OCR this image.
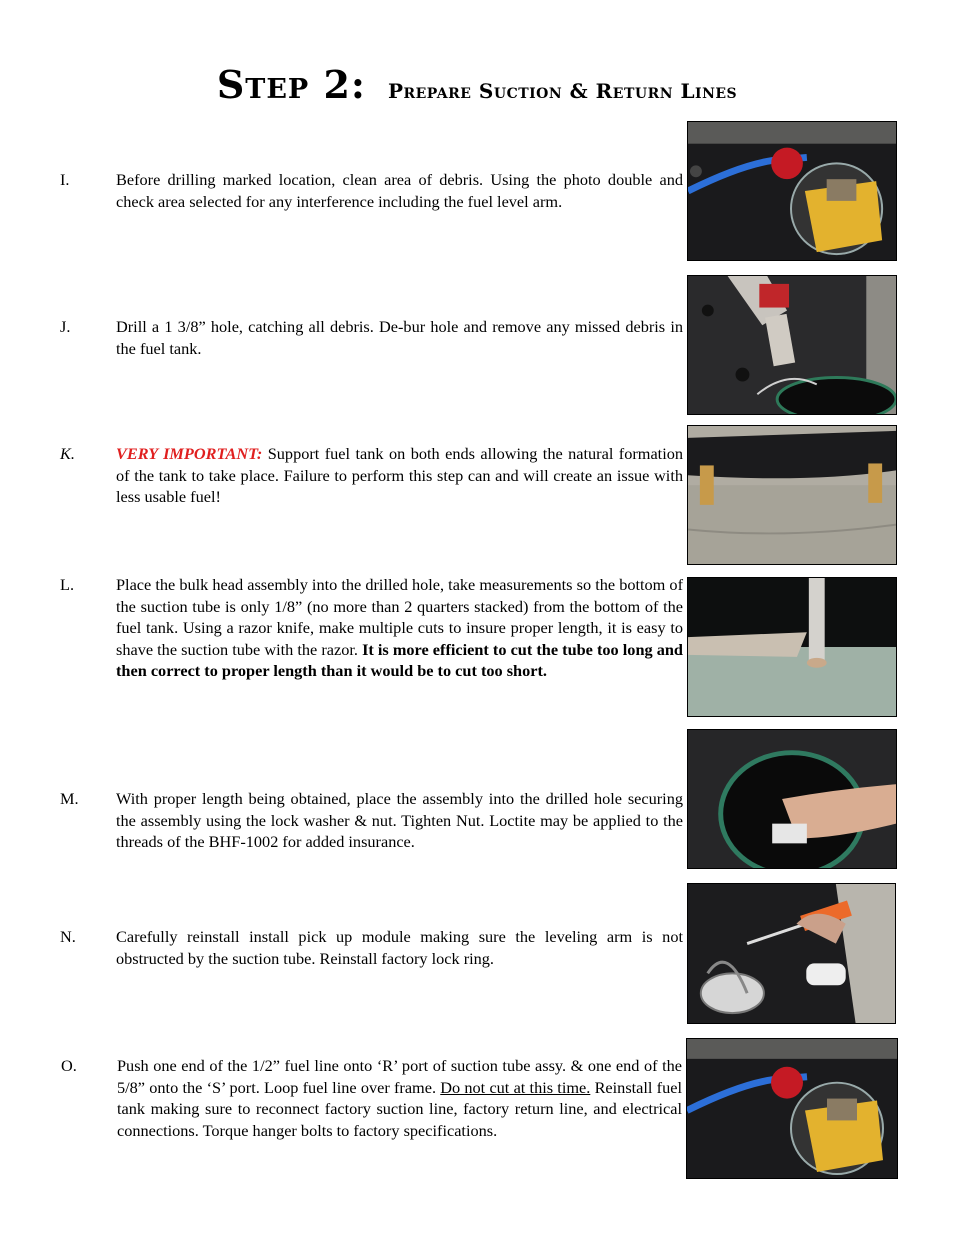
Step 2: Prepare Suction & Return Lines
I.	Before drilling marked location, clean area of debris. Using the photo double and check area selected for any interference including the fuel level arm.
J.	Drill a 1 3/8” hole, catching all debris. De-bur hole and remove any missed debris in the fuel tank.
K.	VERY IMPORTANT: Support fuel tank on both ends allowing the natural formation of the tank to take place. Failure to perform this step can and will create an issue with less usable fuel!
L.	Place the bulk head assembly into the drilled hole, take measurements so the bottom of the suction tube is only 1/8” (no more than 2 quarters stacked) from the bottom of the fuel tank. Using a razor knife, make multiple cuts to insure proper length, it is easy to shave the suction tube with the razor. It is more efficient to cut the tube too long and then correct to proper length than it would be to cut too short.
M. With proper length being obtained, place the assembly into the drilled hole securing the assembly using the lock washer & nut. Tighten Nut. Loctite may be applied to the threads of the BHF-1002 for added insurance.
N. Carefully reinstall install pick up module making sure the leveling arm is not obstructed by the suction tube. Reinstall factory lock ring.
O. Push one end of the 1/2” fuel line onto ‘R’ port of suction tube assy. & one end of the 5/8” onto the ‘S’ port. Loop fuel line over frame. Do not cut at this time. Reinstall fuel tank making sure to reconnect factory suction line, factory return line, and electrical connections. Torque hanger bolts to factory specifications.
